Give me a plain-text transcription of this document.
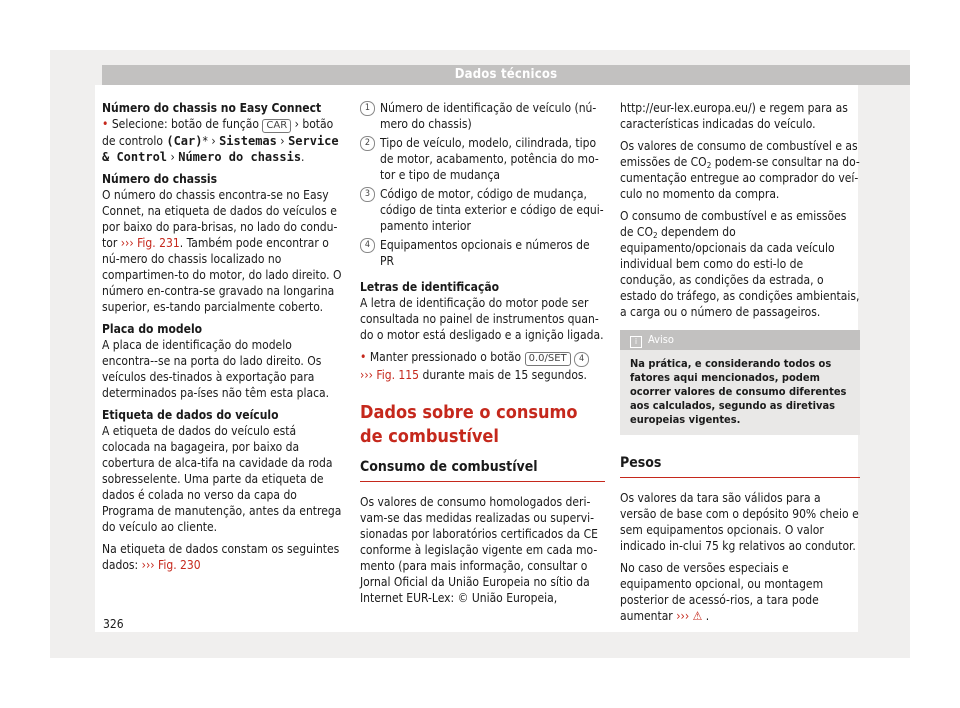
Dados técnicos

Número do chassis no Easy Connect

• Selecione: botão de função CAR › botão de controlo (Car)* › Sistemas › Service & Control › Número do chassis.

Número do chassis

O número do chassis encontra-se no Easy Connet, na etiqueta de dados do veículos e por baixo do para-brisas, no lado do condu-tor ››› Fig. 231. Também pode encontrar o nú-mero do chassis localizado no compartimen-to do motor, do lado direito. O número en-contra-se gravado na longarina superior, es-tando parcialmente coberto.

Placa do modelo

A placa de identificação do modelo encontra--se na porta do lado direito. Os veículos des-tinados à exportação para determinados pa-íses não têm esta placa.

Etiqueta de dados do veículo

A etiqueta de dados do veículo está colocada na bagageira, por baixo da cobertura de alca-tifa na cavidade da roda sobresselente. Uma parte da etiqueta de dados é colada no verso da capa do Programa de manutenção, antes da entrega do veículo ao cliente.

Na etiqueta de dados constam os seguintes dados: ››› Fig. 230

1 Número de identificação de veículo (nú-mero do chassis)
2 Tipo de veículo, modelo, cilindrada, tipo de motor, acabamento, potência do mo-tor e tipo de mudança
3 Código de motor, código de mudança, código de tinta exterior e código de equi-pamento interior
4 Equipamentos opcionais e números de PR

Letras de identificação

A letra de identificação do motor pode ser consultada no painel de instrumentos quan-do o motor está desligado e a ignição ligada.

• Manter pressionado o botão 0.0/SET 4
››› Fig. 115 durante mais de 15 segundos.

Dados sobre o consumo de combustível
Consumo de combustível

Os valores de consumo homologados deri-vam-se das medidas realizadas ou supervi-sionadas por laboratórios certificados da CE conforme à legislação vigente em cada mo-mento (para mais informação, consultar o Jornal Oficial da União Europeia no sítio da Internet EUR-Lex: © União Europeia,

http://eur-lex.europa.eu/) e regem para as características indicadas do veículo.

Os valores de consumo de combustível e as emissões de $CO_2$ podem-se consultar na do-cumentação entregue ao comprador do veí-culo no momento da compra.

O consumo de combustível e as emissões de $CO_2$ dependem do equipamento/opcionais da cada veículo individual bem como do esti-lo de condução, as condições da estrada, o estado do tráfego, as condições ambientais, a carga ou o número de passageiros.

i Aviso
Na prática, e considerando todos os fatores aqui mencionados, podem ocorrer valores de consumo diferentes aos calculados, segundo as diretivas europeias vigentes.
Pesos

Os valores da tara são válidos para a versão de base com o depósito 90% cheio e sem equipamentos opcionais. O valor indicado in-clui 75 kg relativos ao condutor.

No caso de versões especiais e equipamento opcional, ou montagem posterior de acessó-rios, a tara pode aumentar ››› ⚠ .

326
